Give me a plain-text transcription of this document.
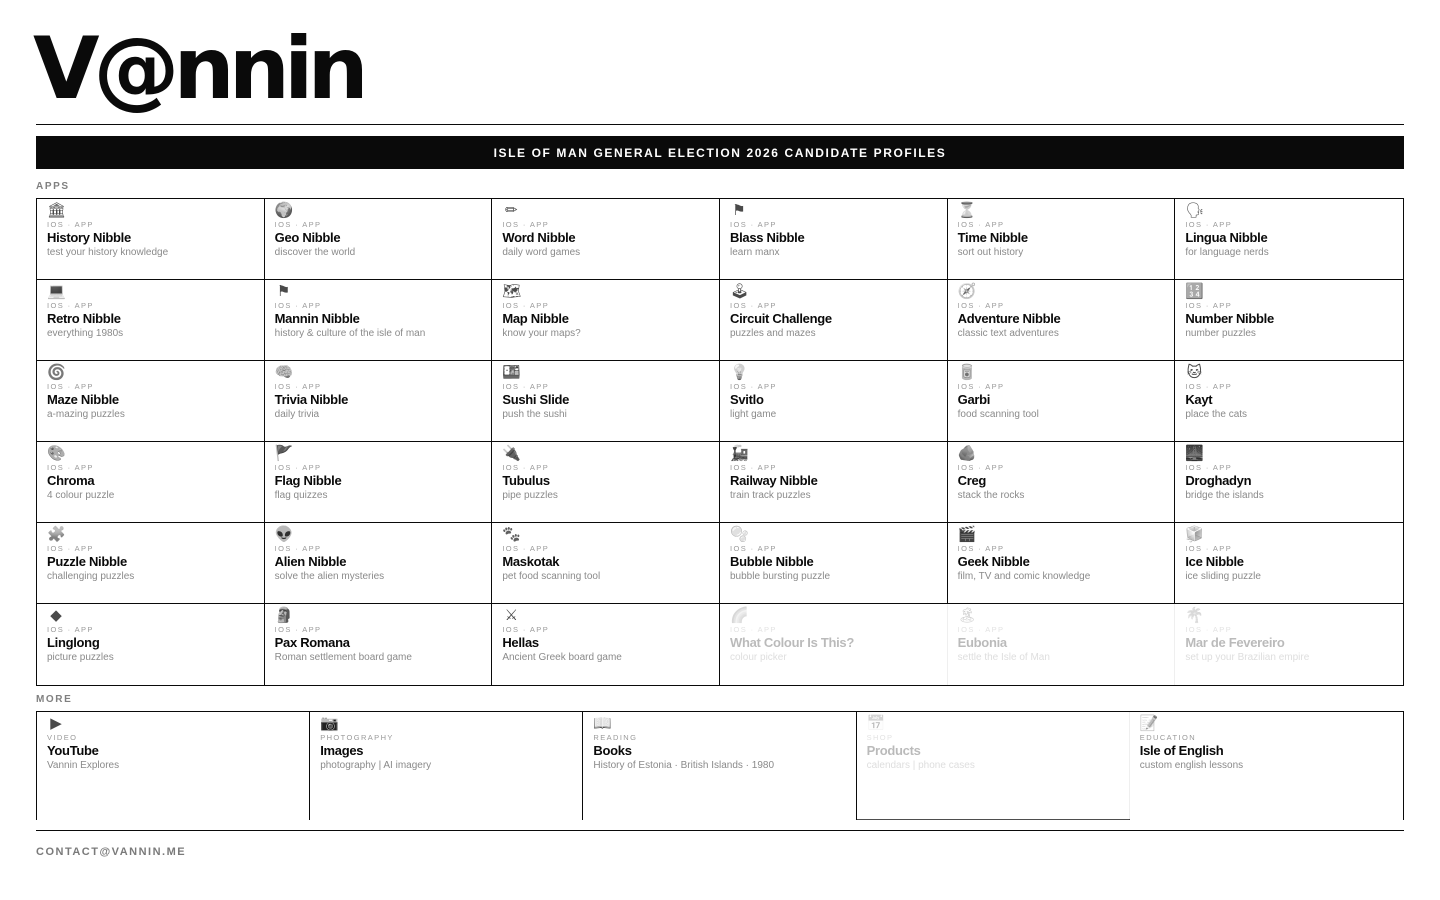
V@nnin
ISLE OF MAN GENERAL ELECTION 2026 CANDIDATE PROFILES
APPS
🏛
IOS · APP
History Nibble
test your history knowledge
🌍
IOS · APP
Geo Nibble
discover the world
✏
IOS · APP
Word Nibble
daily word games
⚑
IOS · APP
Blass Nibble
learn manx
⏳
IOS · APP
Time Nibble
sort out history
🗣
IOS · APP
Lingua Nibble
for language nerds
💻
IOS · APP
Retro Nibble
everything 1980s
⚑
IOS · APP
Mannin Nibble
history & culture of the isle of man
🗺
IOS · APP
Map Nibble
know your maps?
🕹
IOS · APP
Circuit Challenge
puzzles and mazes
🧭
IOS · APP
Adventure Nibble
classic text adventures
🔢
IOS · APP
Number Nibble
number puzzles
🌀
IOS · APP
Maze Nibble
a-mazing puzzles
🧠
IOS · APP
Trivia Nibble
daily trivia
🍱
IOS · APP
Sushi Slide
push the sushi
💡
IOS · APP
Svitlo
light game
🥫
IOS · APP
Garbi
food scanning tool
🐱
IOS · APP
Kayt
place the cats
🎨
IOS · APP
Chroma
4 colour puzzle
🚩
IOS · APP
Flag Nibble
flag quizzes
🔌
IOS · APP
Tubulus
pipe puzzles
🚂
IOS · APP
Railway Nibble
train track puzzles
🪨
IOS · APP
Creg
stack the rocks
🌉
IOS · APP
Droghadyn
bridge the islands
🧩
IOS · APP
Puzzle Nibble
challenging puzzles
👽
IOS · APP
Alien Nibble
solve the alien mysteries
🐾
IOS · APP
Maskotak
pet food scanning tool
🫧
IOS · APP
Bubble Nibble
bubble bursting puzzle
🎬
IOS · APP
Geek Nibble
film, TV and comic knowledge
🧊
IOS · APP
Ice Nibble
ice sliding puzzle
◆
IOS · APP
Linglong
picture puzzles
🗿
IOS · APP
Pax Romana
Roman settlement board game
⚔
IOS · APP
Hellas
Ancient Greek board game
🌈
IOS · APP
What Colour Is This?
colour picker
🏝
IOS · APP
Eubonia
settle the Isle of Man
🌴
IOS · APP
Mar de Fevereiro
set up your Brazilian empire
MORE
▶
VIDEO
YouTube
Vannin Explores
📷
PHOTOGRAPHY
Images
photography | AI imagery
📖
READING
Books
History of Estonia · British Islands · 1980
📅
SHOP
Products
calendars | phone cases
📝
EDUCATION
Isle of English
custom english lessons
CONTACT@VANNIN.ME
